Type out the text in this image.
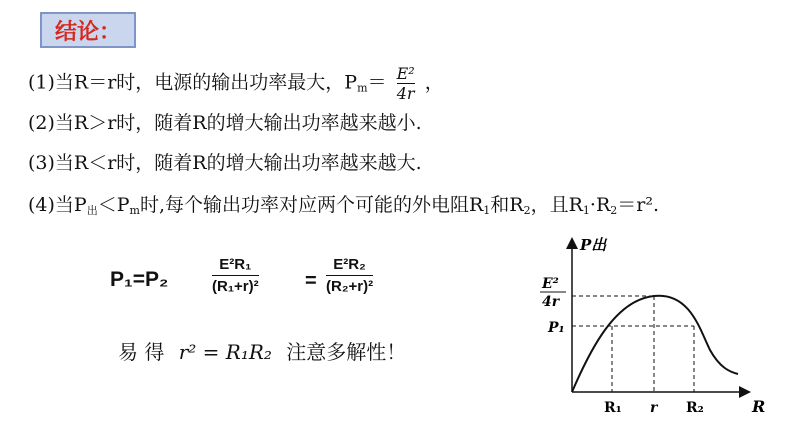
结论：
(1)当R＝r时，电源的输出功率最大，$P_m= \frac{\text{E²}}{4r}$ ，
(2)当R＞r时，随着R的增大输出功率越来越小.
(3)当R＜r时，随着R的增大输出功率越来越大.
(4)当$P_出<P_m$时,每个输出功率对应两个可能的外电阻$R_1$和$R_2$，且$R_1\cdot R_2=r^2$.
P₁=P₂
E²R₁
(R₁+r)² =
E²R₂
(R₂+r)²
易 得 r² = R₁R₂ 注意多解性！
P出
R
E²
4r
P₁
R₁ r R₂
